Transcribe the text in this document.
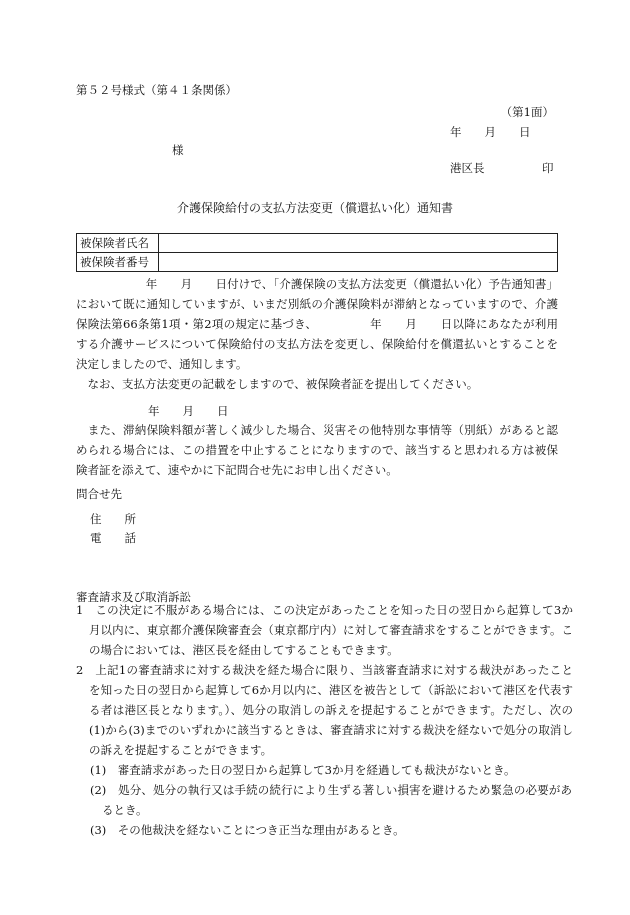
第５２号様式（第４１条関係）
（第1面）
年　　月　　日
様
港区長　　　　　印
介護保険給付の支払方法変更（償還払い化）通知書
被保険者氏名	
被保険者番号	
　　　　　　年　　月　　日付けで、「介護保険の支払方法変更（償還払い化）予告通知書」において既に通知していますが、いまだ別紙の介護保険料が滞納となっていますので、介護保険法第66条第1項・第2項の規定に基づき、　　　　　年　　月　　日以降にあなたが利用する介護サービスについて保険給付の支払方法を変更し、保険給付を償還払いとすることを決定しましたので、通知します。
　なお、支払方法変更の記載をしますので、被保険者証を提出してください。
年　　月　　日
　また、滞納保険料額が著しく減少した場合、災害その他特別な事情等（別紙）があると認められる場合には、この措置を中止することになりますので、該当すると思われる方は被保険者証を添えて、速やかに下記問合せ先にお申し出ください。
問合せ先
住　　所
電　　話
審査請求及び取消訴訟
1　この決定に不服がある場合には、この決定があったことを知った日の翌日から起算して3か月以内に、東京都介護保険審査会（東京都庁内）に対して審査請求をすることができます。この場合においては、港区長を経由してすることもできます。
2　上記1の審査請求に対する裁決を経た場合に限り、当該審査請求に対する裁決があったことを知った日の翌日から起算して6か月以内に、港区を被告として（訴訟において港区を代表する者は港区長となります。）、処分の取消しの訴えを提起することができます。ただし、次の(1)から(3)までのいずれかに該当するときは、審査請求に対する裁決を経ないで処分の取消しの訴えを提起することができます。
(1)　審査請求があった日の翌日から起算して3か月を経過しても裁決がないとき。
(2)　処分、処分の執行又は手続の続行により生ずる著しい損害を避けるため緊急の必要があるとき。
(3)　その他裁決を経ないことにつき正当な理由があるとき。
